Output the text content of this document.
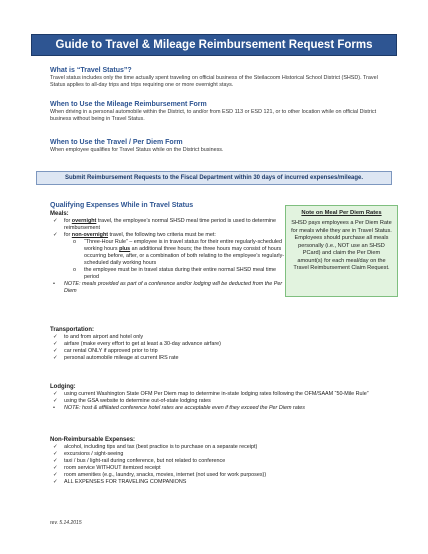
Guide to Travel & Mileage Reimbursement Request Forms
What is “Travel Status”?
Travel status includes only the time actually spent traveling on official business of the Steilacoom Historical School District (SHSD). Travel Status applies to all-day trips and trips requiring one or more overnight stays.
When to Use the Mileage Reimbursement Form
When driving in a personal automobile within the District, to and/or from ESD 113 or ESD 121, or to other location while on official District business without being in Travel Status.
When to Use the Travel / Per Diem Form
When employee qualifies for Travel Status while on the District business.
Submit Reimbursement Requests to the Fiscal Department within 30 days of incurred expenses/mileage.
Qualifying Expenses While in Travel Status
Meals:
✓ for overnight travel, the employee’s normal SHSD meal time period is used to determine reimbursement
✓ for non-overnight travel, the following two criteria must be met:
o “Three-Hour Rule” – employee is in travel status for their entire regularly-scheduled working hours plus an additional three hours; the three hours may consist of hours occurring before, after, or a combination of both relating to the employee’s regularly-scheduled daily working hours
o the employee must be in travel status during their entire normal SHSD meal time period
• NOTE: meals provided as part of a conference and/or lodging will be deducted from the Per Diem
Note on Meal Per Diem Rates
SHSD pays employees a Per Diem Rate for meals while they are in Travel Status. Employees should purchase all meals personally (i.e., NOT use an SHSD PCard) and claim the Per Diem amount(s) for each meal/day on the Travel Reimbursement Claim Request.
Transportation:
✓ to and from airport and hotel only
✓ airfare (make every effort to get at least a 30-day advance airfare)
✓ car rental ONLY if approved prior to trip
✓ personal automobile mileage at current IRS rate
Lodging:
✓ using current Washington State OFM Per Diem map to determine in-state lodging rates following the OFM/SAAM “50-Mile Rule”
✓ using the GSA website to determine out-of-state lodging rates
• NOTE: host & affiliated conference hotel rates are acceptable even if they exceed the Per Diem rates
Non-Reimbursable Expenses:
✓ alcohol, including tips and tax (best practice is to purchase on a separate receipt)
✓ excursions / sight-seeing
✓ taxi / bus / light-rail during conference, but not related to conference
✓ room service WITHOUT itemized receipt
✓ room amenities (e.g., laundry, snacks, movies, internet (not used for work purposes))
✓ ALL EXPENSES FOR TRAVELING COMPANIONS
rev. 5.14.2015
